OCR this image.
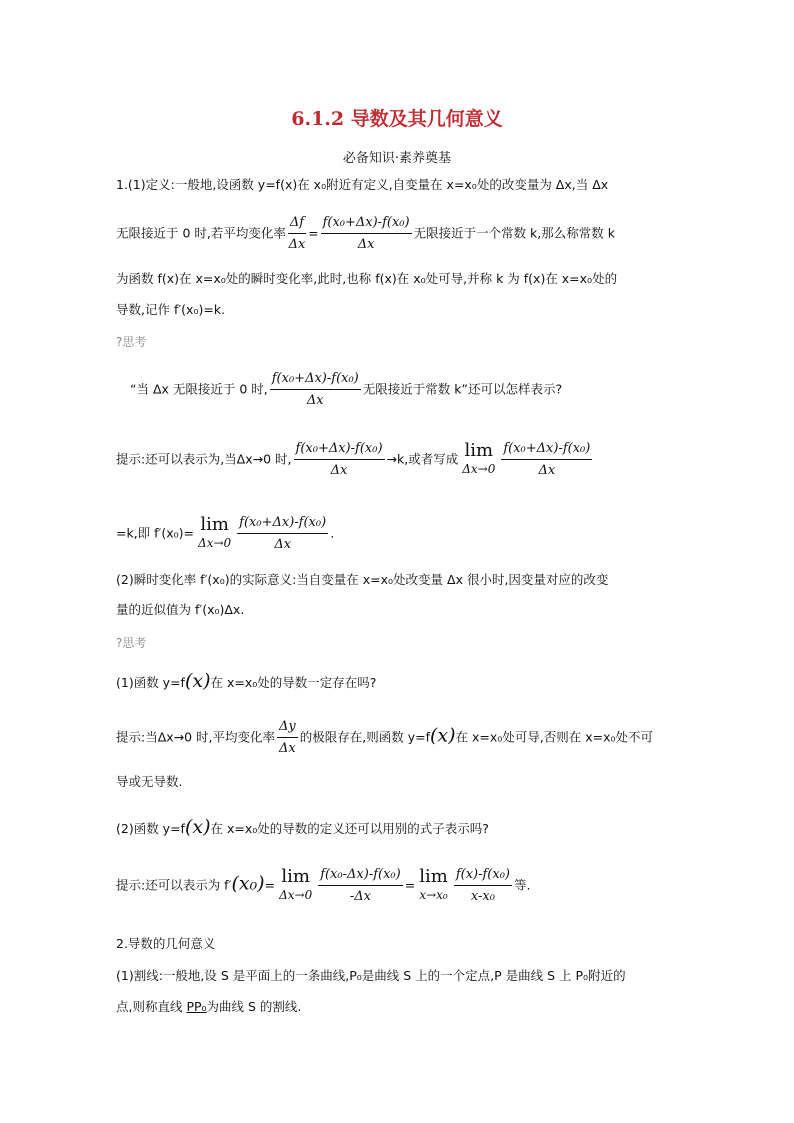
6.1.2 导数及其几何意义
必备知识·素养奠基
1.(1)定义:一般地,设函数 y=f(x)在 x₀附近有定义,自变量在 x=x₀处的改变量为 Δx,当 Δx
无限接近于 0 时,若平均变化率 $\frac{\Delta f}{\Delta x} = \frac{\text{f(x₀+Δx)-f(x₀)}}{\Delta x}$ 无限接近于一个常数 k,那么称常数 k
为函数 f(x)在 x=x₀处的瞬时变化率,此时,也称 f(x)在 x₀处可导,并称 k 为 f(x)在 x=x₀处的
导数,记作 f′(x₀)=k.
?思考
“当 Δx 无限接近于 0 时, $\frac{\text{f(x₀+Δx)-f(x₀)}}{\Delta x}$ 无限接近于常数 k”还可以怎样表示?
提示:还可以表示为,当Δx→0 时, $\frac{\text{f(x₀+Δx)-f(x₀)}}{\Delta x} \to k$,或者写成 lim
$\Delta x\to 0 \frac{\text{f(x₀+Δx)-f(x₀)}}{\Delta x}$
=k,即 f′(x₀)= lim
$\Delta x\to 0 \frac{\text{f(x₀+Δx)-f(x₀)}}{\Delta x}$ .
(2)瞬时变化率 f′(x₀)的实际意义:当自变量在 x=x₀处改变量 Δx 很小时,因变量对应的改变
量的近似值为 f′(x₀)Δx.
?思考
(1)函数 y=f(x)在 x=x₀处的导数一定存在吗?
提示:当Δx→0 时,平均变化率 $\frac{\Delta y}{\Delta x}$ 的极限存在,则函数 y=f(x)在 x=x₀处可导,否则在 x=x₀处不可
导或无导数.
(2)函数 y=f(x)在 x=x₀处的导数的定义还可以用别的式子表示吗?
提示:还可以表示为 f′(x₀)= lim
$\Delta x\to 0 \frac{\text{f(x₀-Δx)-f(x₀)}}{-\Delta x} = \lim$
$x\to x_0 \frac{\text{f(x)-f(x₀)}}{\text{x-x₀}}$ 等.
2.导数的几何意义
(1)割线:一般地,设 S 是平面上的一条曲线,P₀是曲线 S 上的一个定点,P 是曲线 S 上 P₀附近的
点,则称直线 PP₀为曲线 S 的割线.
